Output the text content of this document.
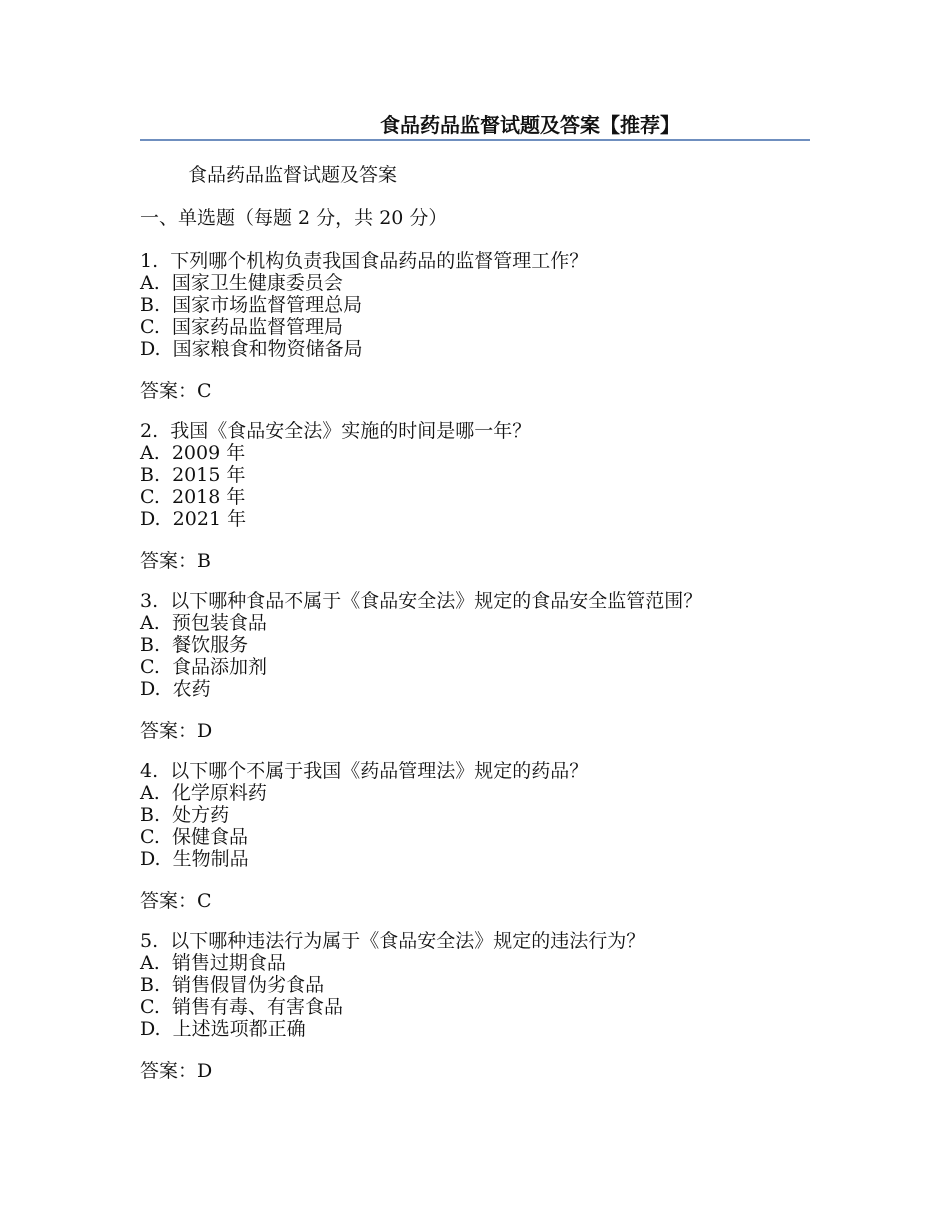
食品药品监督试题及答案【推荐】
食品药品监督试题及答案
一、单选题（每题 2 分，共 20 分）
1.  下列哪个机构负责我国食品药品的监督管理工作？
A.  国家卫生健康委员会
B.  国家市场监督管理总局
C.  国家药品监督管理局
D.  国家粮食和物资储备局
答案：C
2.  我国《食品安全法》实施的时间是哪一年？
A.  2009 年
B.  2015 年
C.  2018 年
D.  2021 年
答案：B
3.  以下哪种食品不属于《食品安全法》规定的食品安全监管范围？
A.  预包装食品
B.  餐饮服务
C.  食品添加剂
D.  农药
答案：D
4.  以下哪个不属于我国《药品管理法》规定的药品？
A.  化学原料药
B.  处方药
C.  保健食品
D.  生物制品
答案：C
5.  以下哪种违法行为属于《食品安全法》规定的违法行为？
A.  销售过期食品
B.  销售假冒伪劣食品
C.  销售有毒、有害食品
D.  上述选项都正确
答案：D
